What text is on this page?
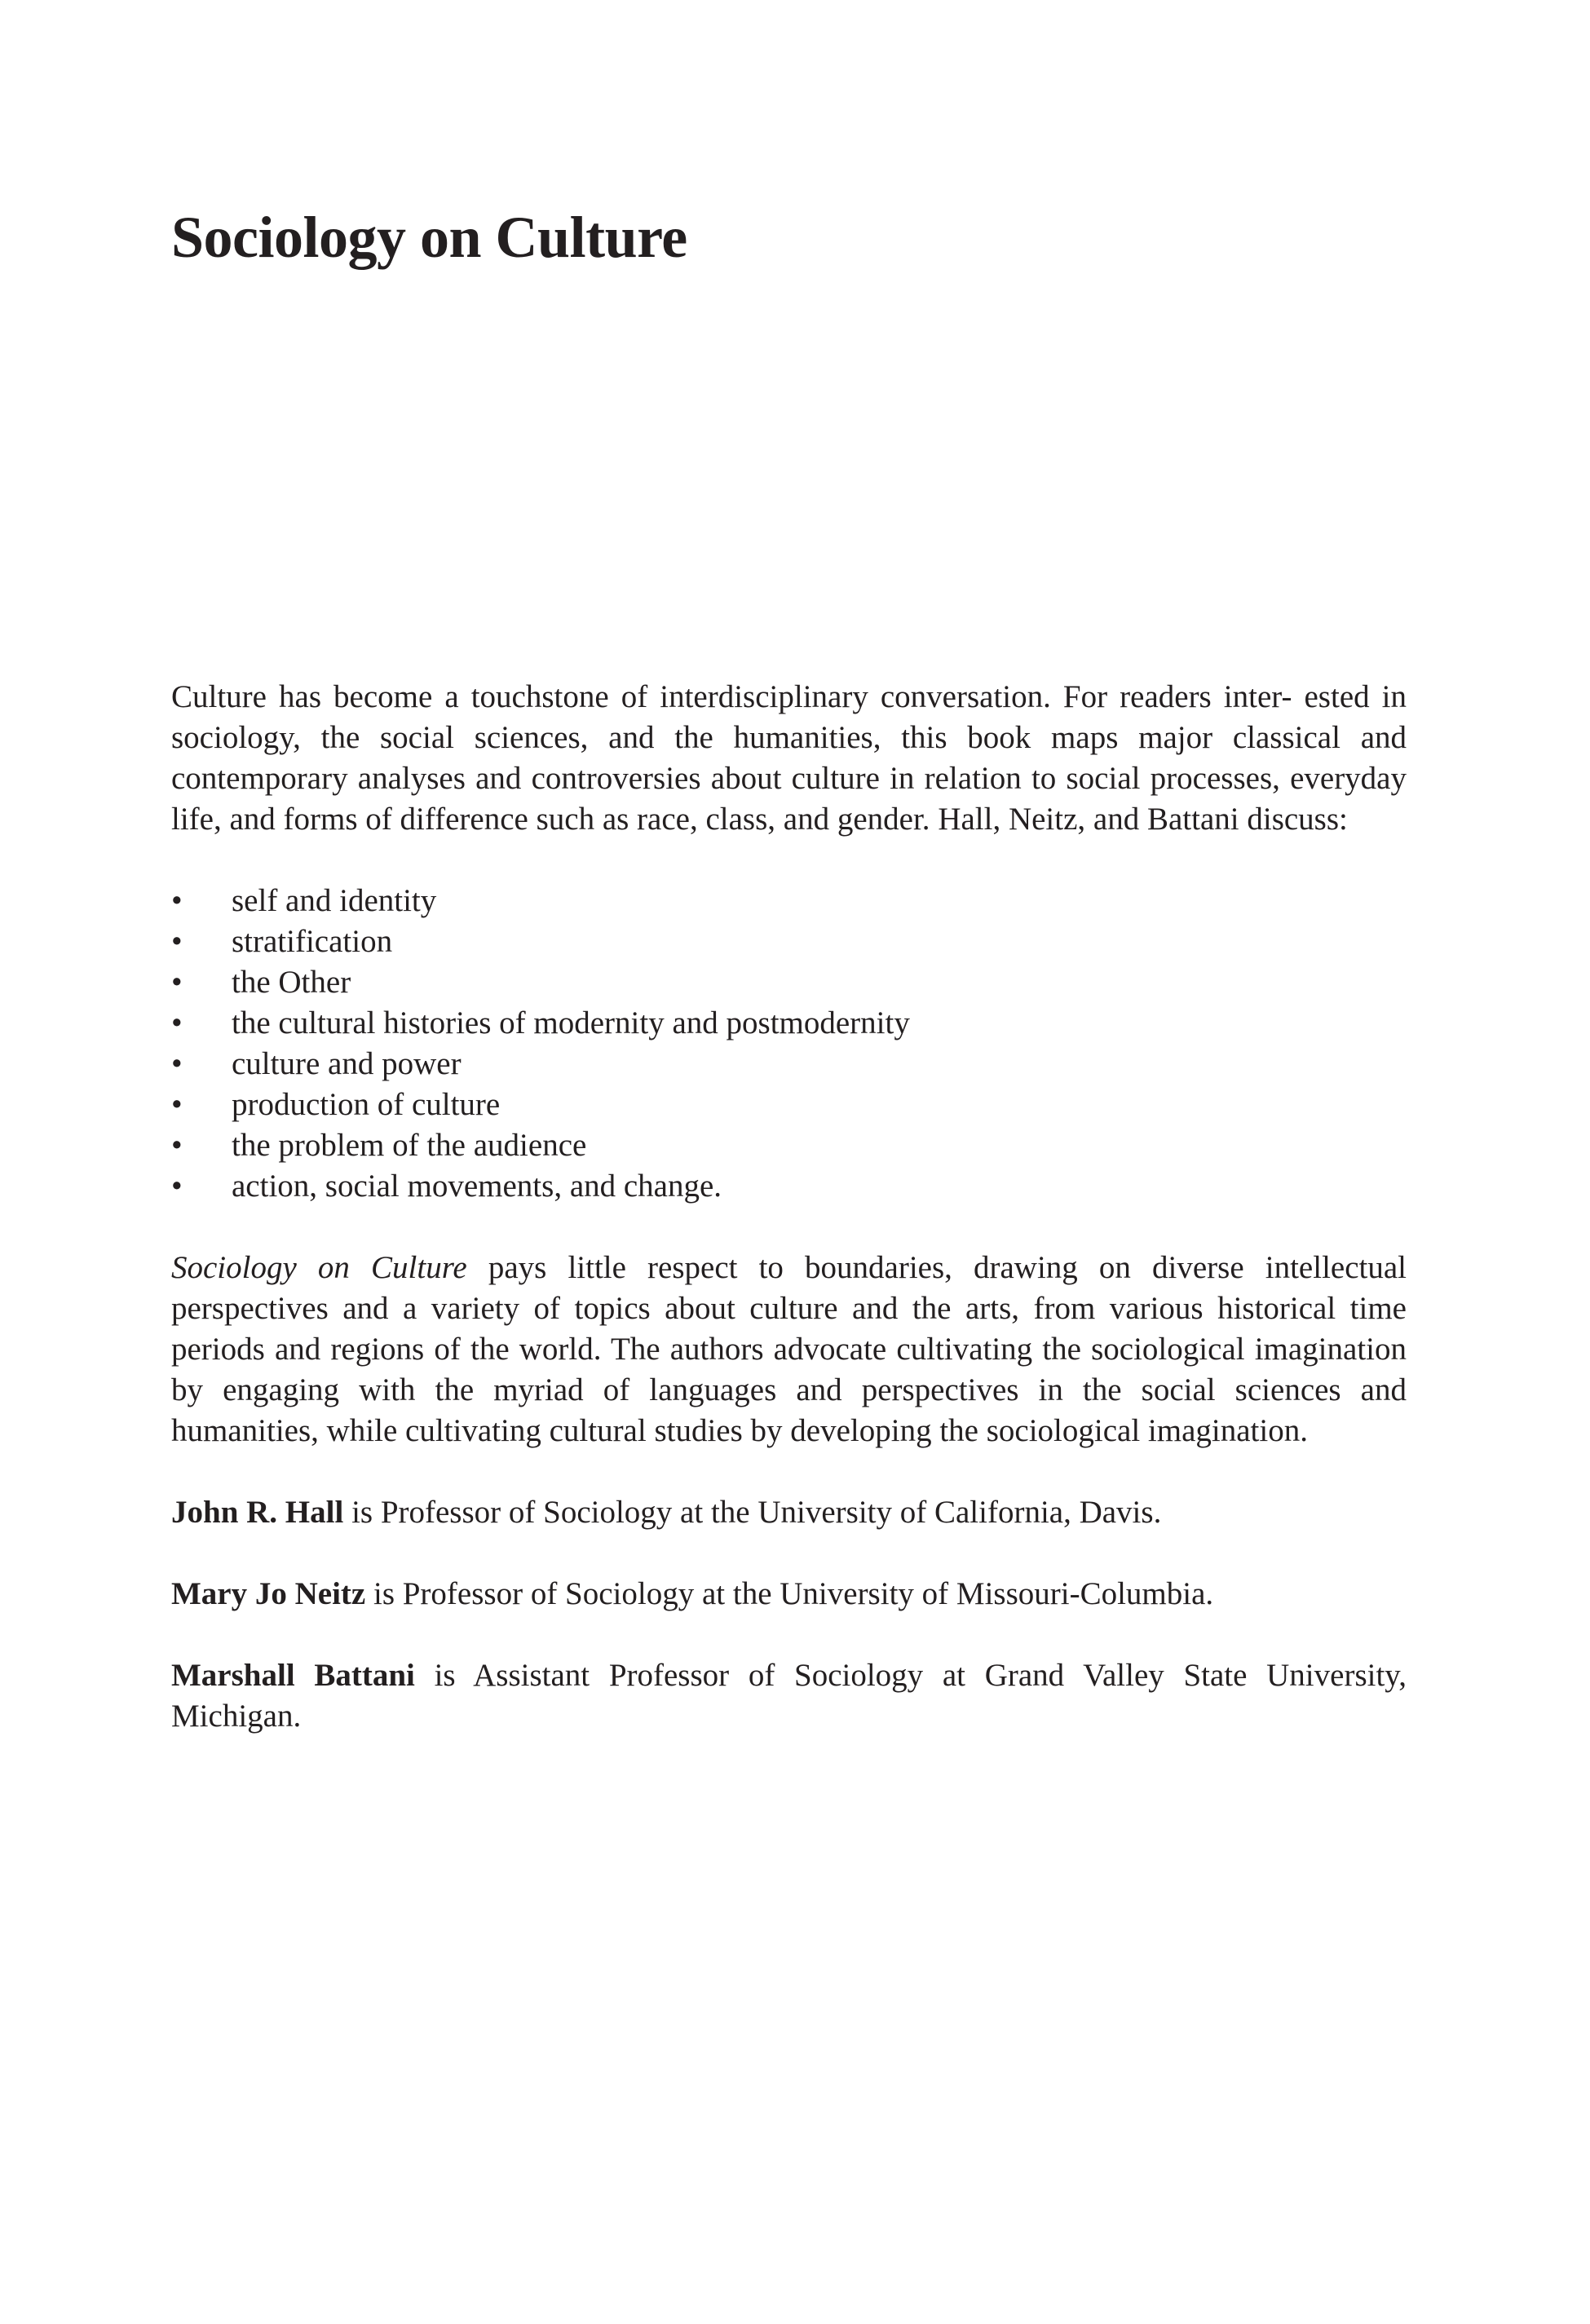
Sociology on Culture

Culture has become a touchstone of interdisciplinary conversation. For readers inter- ested in sociology, the social sciences, and the humanities, this book maps major classical and contemporary analyses and controversies about culture in relation to social processes, everyday life, and forms of difference such as race, class, and gender. Hall, Neitz, and Battani discuss:

• self and identity
• stratification
• the Other
• the cultural histories of modernity and postmodernity
• culture and power
• production of culture
• the problem of the audience
• action, social movements, and change.

Sociology on Culture pays little respect to boundaries, drawing on diverse intellectual perspectives and a variety of topics about culture and the arts, from various historical time periods and regions of the world. The authors advocate cultivating the sociological imagination by engaging with the myriad of languages and perspectives in the social sciences and humanities, while cultivating cultural studies by developing the sociological imagination.

John R. Hall is Professor of Sociology at the University of California, Davis.

Mary Jo Neitz is Professor of Sociology at the University of Missouri-Columbia.

Marshall Battani is Assistant Professor of Sociology at Grand Valley State University, Michigan.
